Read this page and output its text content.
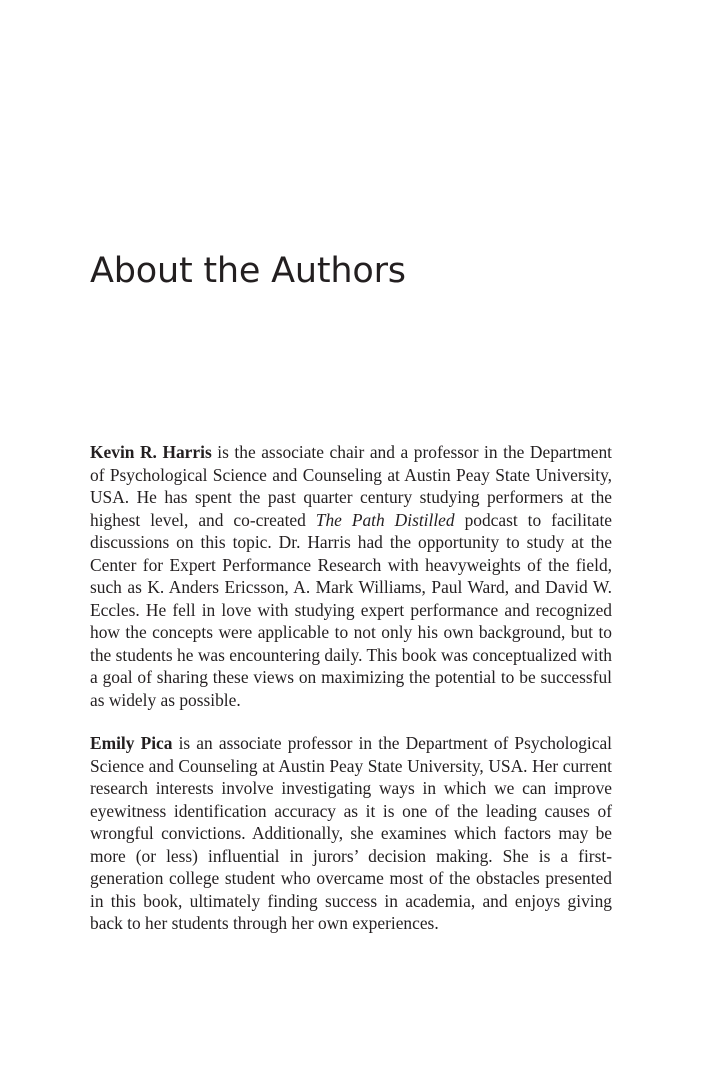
About the Authors

Kevin R. Harris is the associate chair and a professor in the Department of Psychological Science and Counseling at Austin Peay State University, USA. He has spent the past quarter century studying performers at the highest level, and co-created The Path Distilled podcast to facilitate discussions on this topic. Dr. Harris had the opportunity to study at the Center for Expert Performance Research with heavyweights of the field, such as K. Anders Ericsson, A. Mark Williams, Paul Ward, and David W. Eccles. He fell in love with studying expert performance and recognized how the concepts were applicable to not only his own background, but to the students he was encountering daily. This book was conceptualized with a goal of sharing these views on maximizing the potential to be successful as widely as possible.

Emily Pica is an associate professor in the Department of Psychological Science and Counseling at Austin Peay State University, USA. Her current research interests involve investigating ways in which we can improve eyewitness identification accuracy as it is one of the leading causes of wrongful convictions. Additionally, she examines which factors may be more (or less) influential in jurors’ decision making. She is a first-generation college student who overcame most of the obstacles presented in this book, ultimately finding success in academia, and enjoys giving back to her students through her own experiences.
